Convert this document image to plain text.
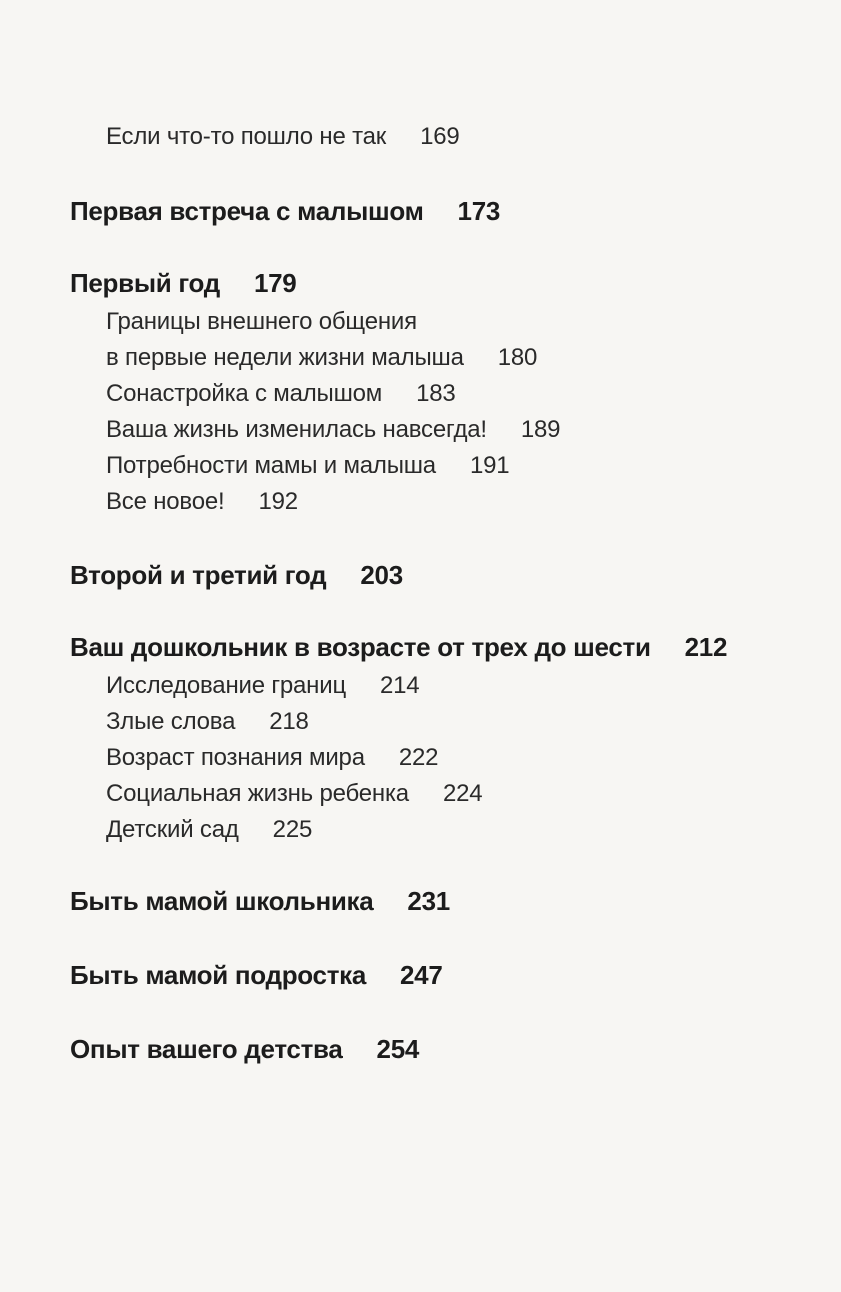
Если что-то пошло не так 169
Первая встреча с малышом 173
Первый год 179
Границы внешнего общения
в первые недели жизни малыша 180
Сонастройка с малышом 183
Ваша жизнь изменилась навсегда! 189
Потребности мамы и малыша 191
Все новое! 192
Второй и третий год 203
Ваш дошкольник в возрасте от трех до шести 212
Исследование границ 214
Злые слова 218
Возраст познания мира 222
Социальная жизнь ребенка 224
Детский сад 225
Быть мамой школьника 231
Быть мамой подростка 247
Опыт вашего детства 254
